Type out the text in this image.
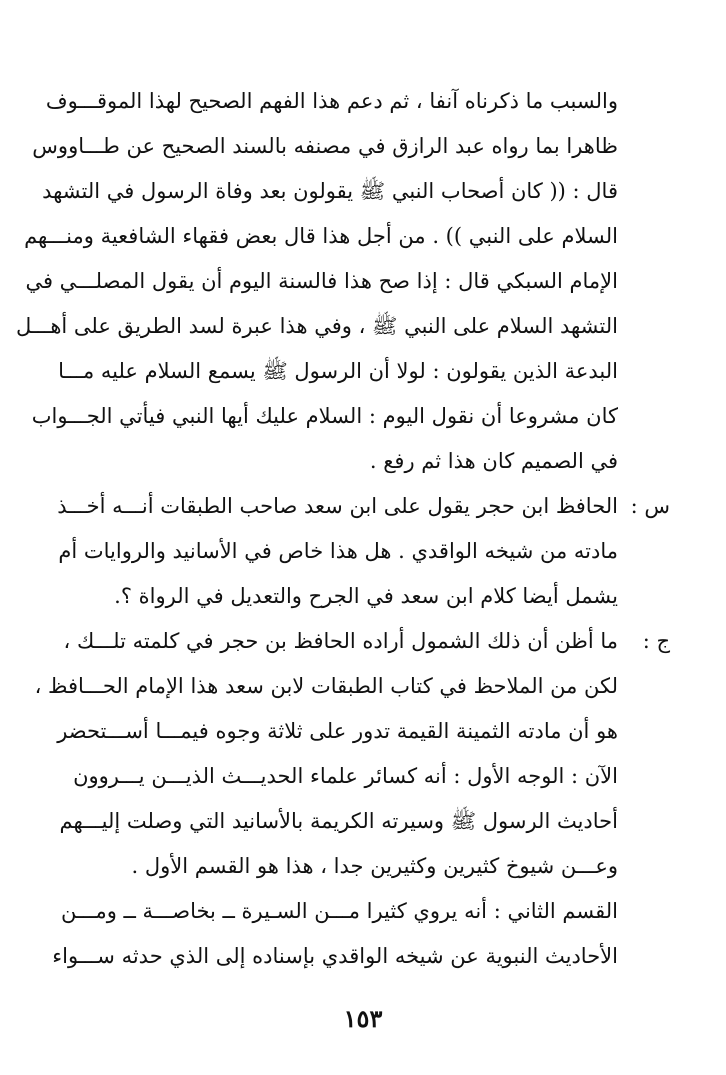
والسبب ما ذكرناه آنفا ، ثم دعم هذا الفهم الصحيح لهذا الموقـــوف
ظاهرا بما رواه عبد الرازق في مصنفه بالسند الصحيح عن طـــاووس
قال : (( كان أصحاب النبي ﷺ يقولون بعد وفاة الرسول في التشهد
السلام على النبي )) . من أجل هذا قال بعض فقهاء الشافعية ومنـــهم
الإمام السبكي قال : إذا صح هذا فالسنة اليوم أن يقول المصلـــي في
التشهد السلام على النبي ﷺ ، وفي هذا عبرة لسد الطريق على أهـــل
البدعة الذين يقولون : لولا أن الرسول ﷺ يسمع السلام عليه مـــا
كان مشروعا أن نقول اليوم : السلام عليك أيها النبي فيأتي الجـــواب
في الصميم كان هذا ثم رفع .
س :
الحافظ ابن حجر يقول على ابن سعد صاحب الطبقات أنـــه أخـــذ
مادته من شيخه الواقدي . هل هذا خاص في الأسانيد والروايات أم
يشمل أيضا كلام ابن سعد في الجرح والتعديل في الرواة ؟.
ج :
ما أظن أن ذلك الشمول أراده الحافظ بن حجر في كلمته تلـــك ،
لكن من الملاحظ في كتاب الطبقات لابن سعد هذا الإمام الحـــافظ ،
هو أن مادته الثمينة القيمة تدور على ثلاثة وجوه فيمـــا أســـتحضر
الآن : الوجه الأول : أنه كسائر علماء الحديـــث الذيـــن يـــروون
أحاديث الرسول ﷺ وسيرته الكريمة بالأسانيد التي وصلت إليـــهم
وعـــن شيوخ كثيرين وكثيرين جدا ، هذا هو القسم الأول .
القسم الثاني : أنه يروي كثيرا مـــن السـيرة ــ بخاصـــة ــ ومـــن
الأحاديث النبوية عن شيخه الواقدي بإسناده إلى الذي حدثه ســـواء
١٥٣
